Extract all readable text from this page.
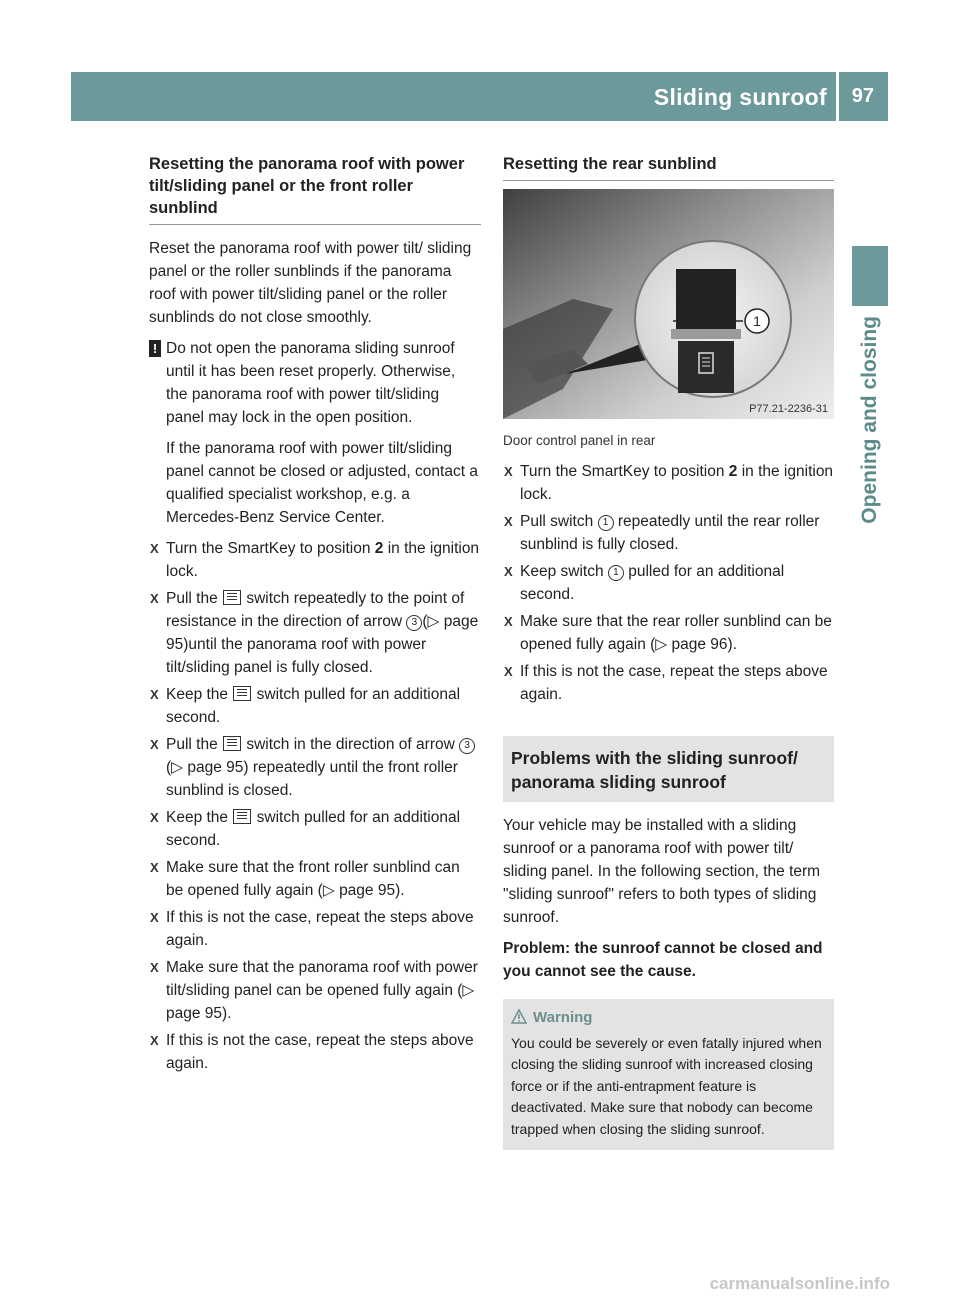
Sliding sunroof 97
Opening and closing
Resetting the panorama roof with power tilt/sliding panel or the front roller sunblind

Reset the panorama roof with power tilt/ sliding panel or the roller sunblinds if the panorama roof with power tilt/sliding panel or the roller sunblinds do not close smoothly.

! Do not open the panorama sliding sunroof until it has been reset properly. Otherwise, the panorama roof with power tilt/sliding panel may lock in the open position.

If the panorama roof with power tilt/sliding panel cannot be closed or adjusted, contact a qualified specialist workshop, e.g. a Mercedes-Benz Service Center.

X Turn the SmartKey to position 2 in the ignition lock.
X Pull the  switch repeatedly to the point of resistance in the direction of arrow 3 (▷ page 95)until the panorama roof with power tilt/sliding panel is fully closed.
X Keep the  switch pulled for an additional second.
X Pull the  switch in the direction of arrow 3(▷ page 95) repeatedly until the front roller sunblind is closed.
X Keep the  switch pulled for an additional second.
X Make sure that the front roller sunblind can be opened fully again (▷ page 95).
X If this is not the case, repeat the steps above again.
X Make sure that the panorama roof with power tilt/sliding panel can be opened fully again (▷ page 95).
X If this is not the case, repeat the steps above again.
Resetting the rear sunblind
1
P77.21-2236-31

Door control panel in rear

X Turn the SmartKey to position 2 in the ignition lock.
X Pull switch 1 repeatedly until the rear roller sunblind is fully closed.
X Keep switch 1 pulled for an additional second.
X Make sure that the rear roller sunblind can be opened fully again (▷ page 96).
X If this is not the case, repeat the steps above again.
Problems with the sliding sunroof/ panorama sliding sunroof

Your vehicle may be installed with a sliding sunroof or a panorama roof with power tilt/ sliding panel. In the following section, the term "sliding sunroof" refers to both types of sliding sunroof.

Problem: the sunroof cannot be closed and you cannot see the cause.

Warning
You could be severely or even fatally injured when closing the sliding sunroof with increased closing force or if the anti-entrapment feature is deactivated. Make sure that nobody can become trapped when closing the sliding sunroof.
carmanualsonline.info
